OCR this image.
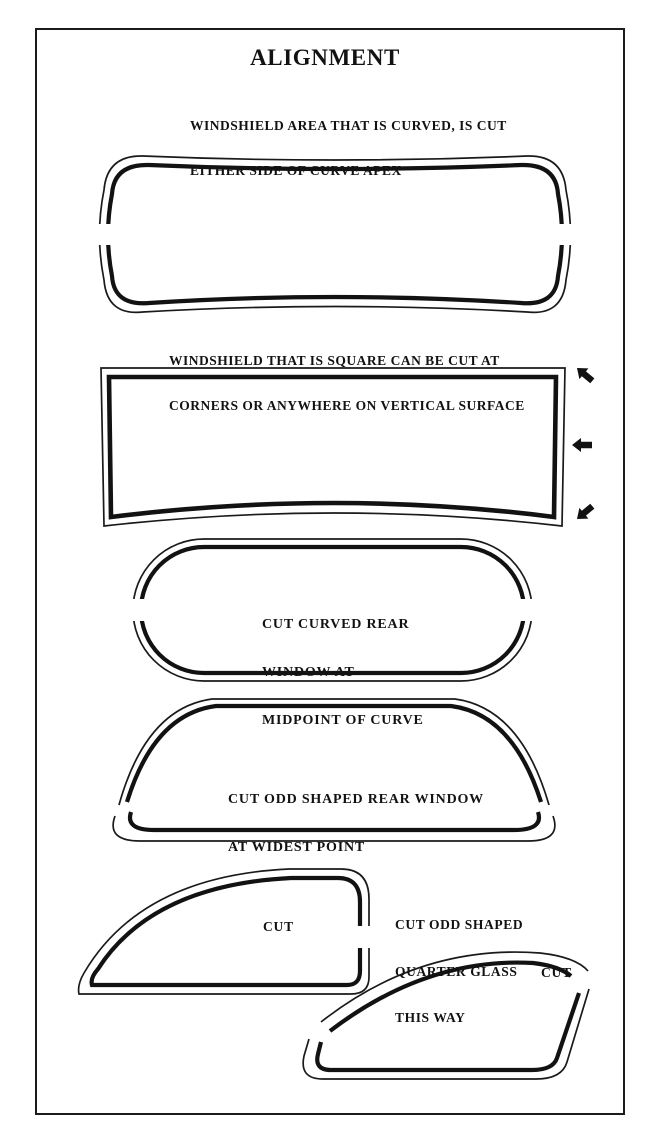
ALIGNMENT

WINDSHIELD AREA THAT IS CURVED, IS CUT

EITHER SIDE OF CURVE APEX

WINDSHIELD THAT IS SQUARE CAN BE CUT AT

CORNERS OR ANYWHERE ON VERTICAL SURFACE

CUT CURVED REAR

WINDOW AT

MIDPOINT OF CURVE

CUT ODD SHAPED REAR WINDOW

AT WIDEST POINT

CUT

	CUT ODD SHAPED

QUARTER GLASS

THIS WAY

CUT
